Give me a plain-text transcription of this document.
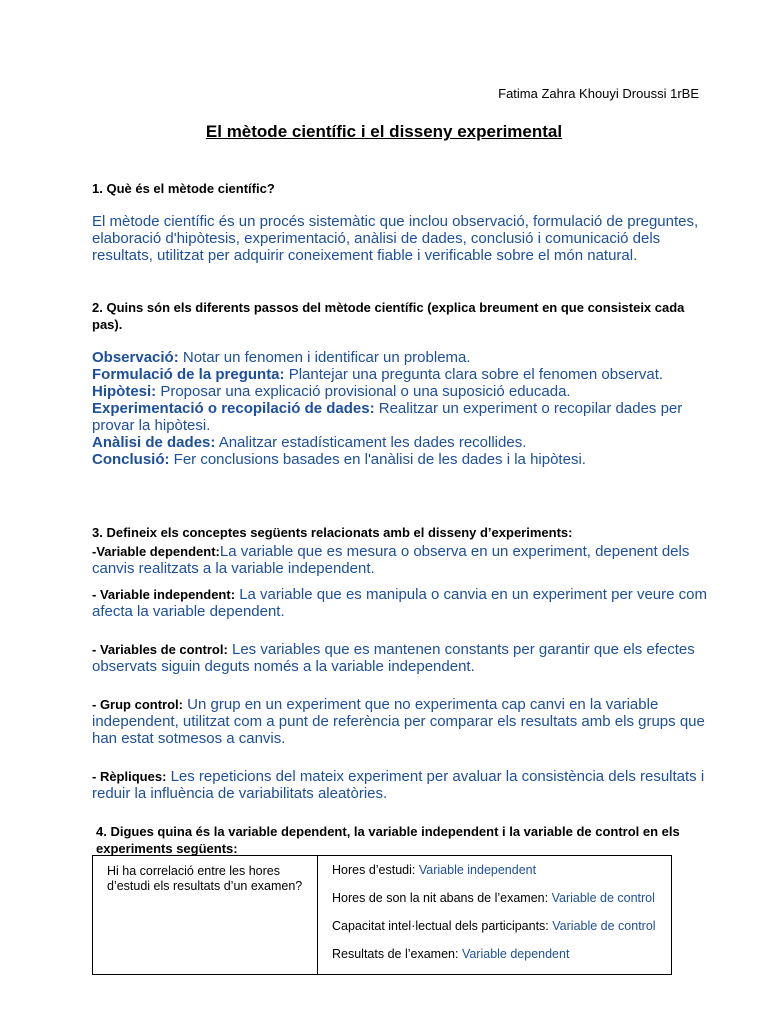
Fatima Zahra Khouyi Droussi 1rBE
El mètode científic i el disseny experimental
1. Què és el mètode científic?
El mètode científic és un procés sistemàtic que inclou observació, formulació de preguntes, elaboració d'hipòtesis, experimentació, anàlisi de dades, conclusió i comunicació dels resultats, utilitzat per adquirir coneixement fiable i verificable sobre el món natural.
2. Quins són els diferents passos del mètode científic (explica breument en que consisteix cada pas).
Observació: Notar un fenomen i identificar un problema.
Formulació de la pregunta: Plantejar una pregunta clara sobre el fenomen observat.
Hipòtesi: Proposar una explicació provisional o una suposició educada.
Experimentació o recopilació de dades: Realitzar un experiment o recopilar dades per provar la hipòtesi.
Anàlisi de dades: Analitzar estadísticament les dades recollides.
Conclusió: Fer conclusions basades en l'anàlisi de les dades i la hipòtesi.
3. Defineix els conceptes següents relacionats amb el disseny d’experiments:
-Variable dependent:La variable que es mesura o observa en un experiment, depenent dels canvis realitzats a la variable independent.
- Variable independent: La variable que es manipula o canvia en un experiment per veure com afecta la variable dependent.
- Variables de control: Les variables que es mantenen constants per garantir que els efectes observats siguin deguts només a la variable independent.
- Grup control: Un grup en un experiment que no experimenta cap canvi en la variable independent, utilitzat com a punt de referència per comparar els resultats amb els grups que han estat sotmesos a canvis.
- Rèpliques: Les repeticions del mateix experiment per avaluar la consistència dels resultats i reduir la influència de variabilitats aleatòries.
4. Digues quina és la variable dependent, la variable independent i la variable de control en els experiments següents:
Hi ha correlació entre les hores d’estudi els resultats d’un examen?	
Hores d’estudi: Variable independent
Hores de son la nit abans de l’examen: Variable de control
Capacitat intel·lectual dels participants: Variable de control
Resultats de l’examen: Variable dependent
